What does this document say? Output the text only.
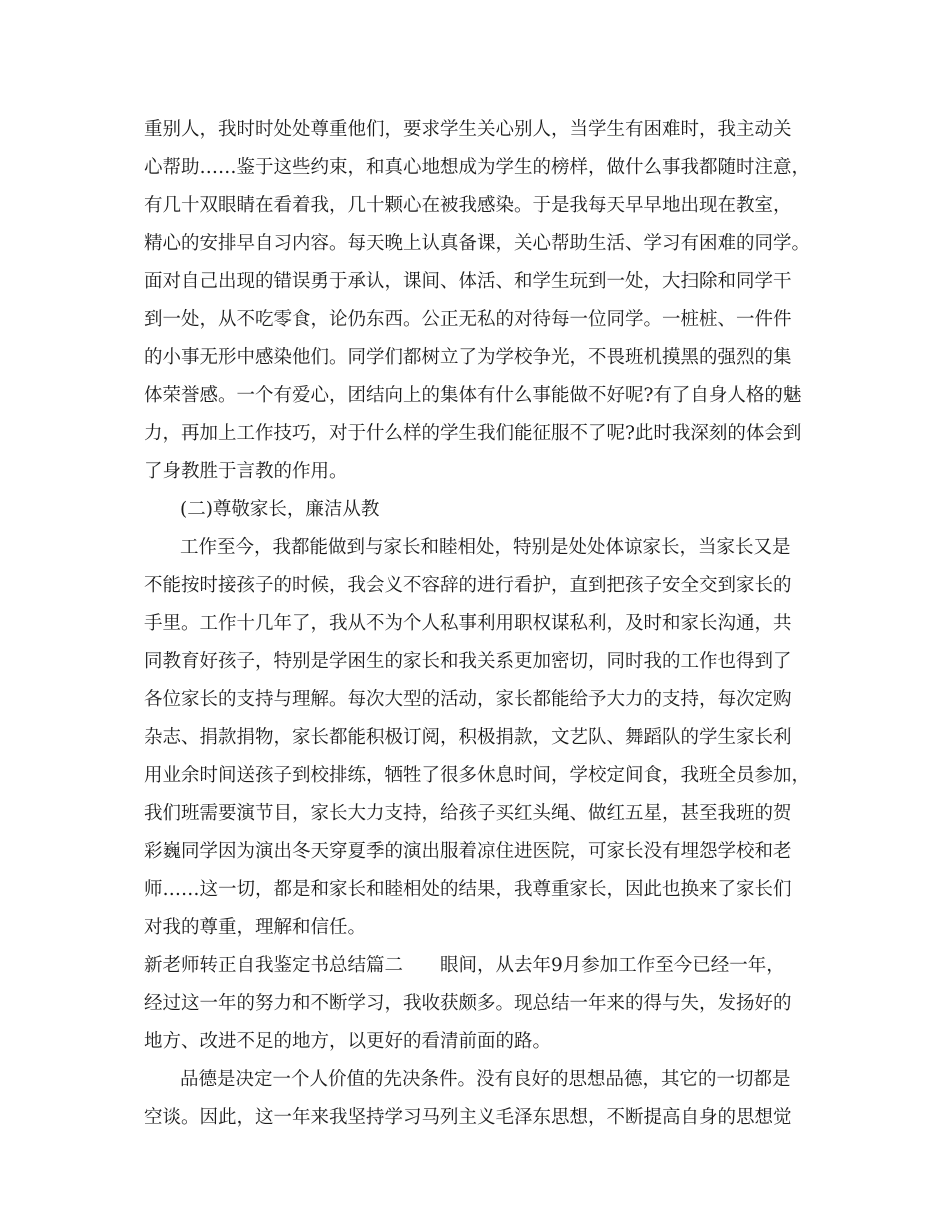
重别人，我时时处处尊重他们，要求学生关心别人，当学生有困难时，我主动关
心帮助……鉴于这些约束，和真心地想成为学生的榜样，做什么事我都随时注意，
有几十双眼睛在看着我，几十颗心在被我感染。于是我每天早早地出现在教室，
精心的安排早自习内容。每天晚上认真备课，关心帮助生活、学习有困难的同学。
面对自己出现的错误勇于承认，课间、体活、和学生玩到一处，大扫除和同学干
到一处，从不吃零食，论仍东西。公正无私的对待每一位同学。一桩桩、一件件
的小事无形中感染他们。同学们都树立了为学校争光，不畏班机摸黑的强烈的集
体荣誉感。一个有爱心，团结向上的集体有什么事能做不好呢?有了自身人格的魅
力，再加上工作技巧，对于什么样的学生我们能征服不了呢?此时我深刻的体会到
了身教胜于言教的作用。
(二)尊敬家长，廉洁从教
工作至今，我都能做到与家长和睦相处，特别是处处体谅家长，当家长又是
不能按时接孩子的时候，我会义不容辞的进行看护，直到把孩子安全交到家长的
手里。工作十几年了，我从不为个人私事利用职权谋私利，及时和家长沟通，共
同教育好孩子，特别是学困生的家长和我关系更加密切，同时我的工作也得到了
各位家长的支持与理解。每次大型的活动，家长都能给予大力的支持，每次定购
杂志、捐款捐物，家长都能积极订阅，积极捐款，文艺队、舞蹈队的学生家长利
用业余时间送孩子到校排练，牺牲了很多休息时间，学校定间食，我班全员参加，
我们班需要演节目，家长大力支持，给孩子买红头绳、做红五星，甚至我班的贺
彩巍同学因为演出冬天穿夏季的演出服着凉住进医院，可家长没有埋怨学校和老
师……这一切，都是和家长和睦相处的结果，我尊重家长，因此也换来了家长们
对我的尊重，理解和信任。
新老师转正自我鉴定书总结篇二　　眼间，从去年9月参加工作至今已经一年，
经过这一年的努力和不断学习，我收获颇多。现总结一年来的得与失，发扬好的
地方、改进不足的地方，以更好的看清前面的路。
品德是决定一个人价值的先决条件。没有良好的思想品德，其它的一切都是
空谈。因此，这一年来我坚持学习马列主义毛泽东思想，不断提高自身的思想觉
